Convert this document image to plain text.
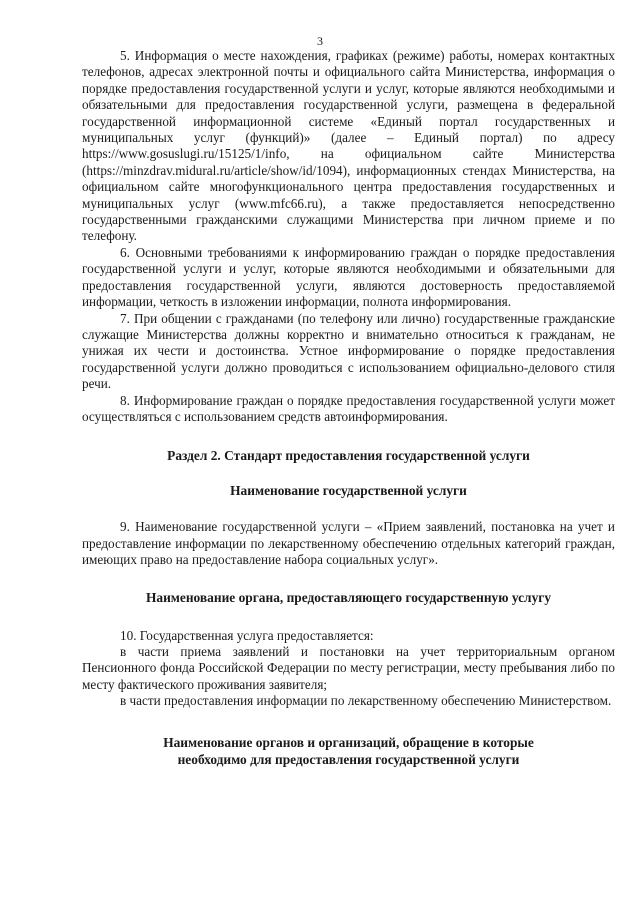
3

5. Информация о месте нахождения, графиках (режиме) работы, номерах контактных телефонов, адресах электронной почты и официального сайта Министерства, информация о порядке предоставления государственной услуги и услуг, которые являются необходимыми и обязательными для предоставления государственной услуги, размещена в федеральной государственной информационной системе «Единый портал государственных и муниципальных услуг (функций)» (далее – Единый портал) по адресу https://www.gosuslugi.ru/15125/1/info, на официальном сайте Министерства (https://minzdrav.midural.ru/article/show/id/1094), информационных стендах Министерства, на официальном сайте многофункционального центра предоставления государственных и муниципальных услуг (www.mfc66.ru), а также предоставляется непосредственно государственными гражданскими служащими Министерства при личном приеме и по телефону.

6. Основными требованиями к информированию граждан о порядке предоставления государственной услуги и услуг, которые являются необходимыми и обязательными для предоставления государственной услуги, являются достоверность предоставляемой информации, четкость в изложении информации, полнота информирования.

7. При общении с гражданами (по телефону или лично) государственные гражданские служащие Министерства должны корректно и внимательно относиться к гражданам, не унижая их чести и достоинства. Устное информирование о порядке предоставления государственной услуги должно проводиться с использованием официально-делового стиля речи.

8. Информирование граждан о порядке предоставления государственной услуги может осуществляться с использованием средств автоинформирования.

Раздел 2. Стандарт предоставления государственной услуги

Наименование государственной услуги

9. Наименование государственной услуги – «Прием заявлений, постановка на учет и предоставление информации по лекарственному обеспечению отдельных категорий граждан, имеющих право на предоставление набора социальных услуг».

Наименование органа, предоставляющего государственную услугу

10. Государственная услуга предоставляется:

в части приема заявлений и постановки на учет территориальным органом Пенсионного фонда Российской Федерации по месту регистрации, месту пребывания либо по месту фактического проживания заявителя;

в части предоставления информации по лекарственному обеспечению Министерством.

Наименование органов и организаций, обращение в которые
необходимо для предоставления государственной услуги
